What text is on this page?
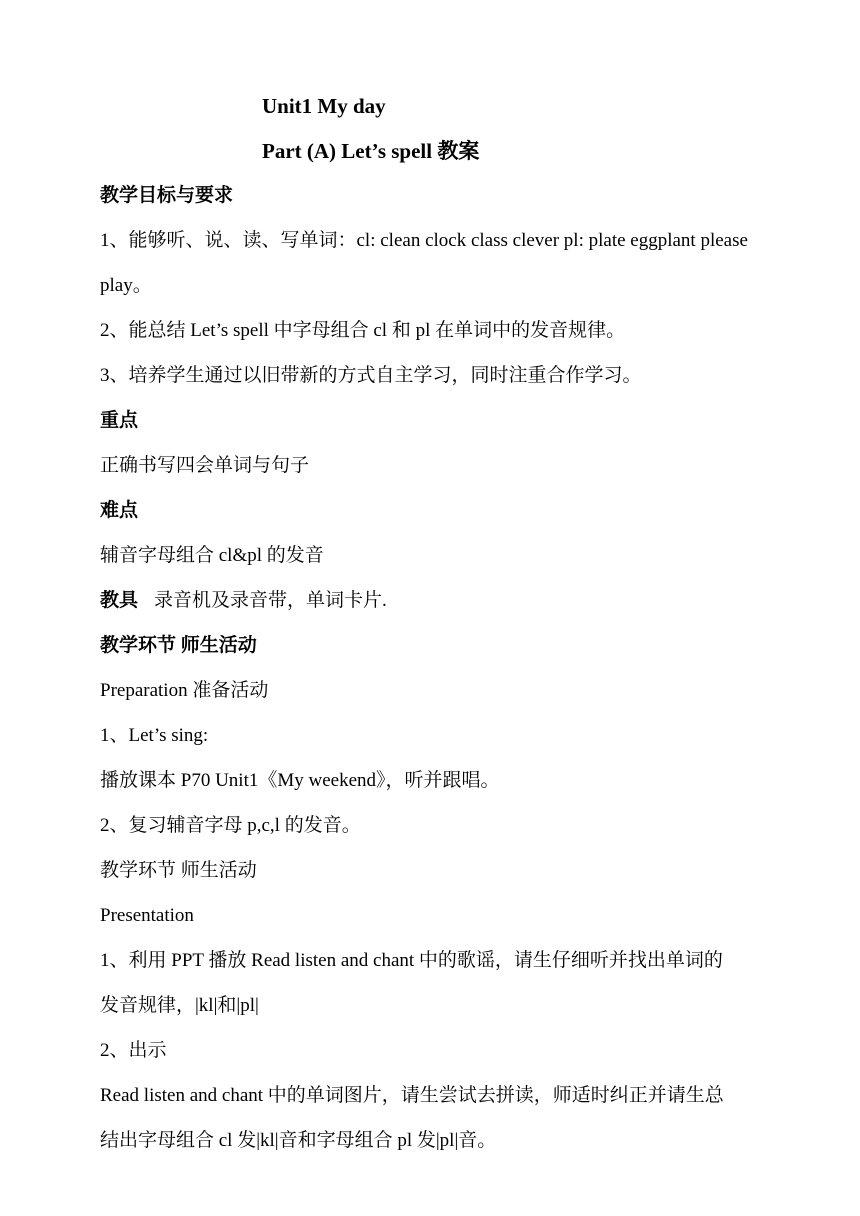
Unit1 My day
Part (A) Let’s spell 教案
教学目标与要求
1、能够听、说、读、写单词：cl: clean clock class clever pl: plate eggplant please
play。
2、能总结 Let’s spell 中字母组合 cl 和 pl 在单词中的发音规律。
3、培养学生通过以旧带新的方式自主学习，同时注重合作学习。
重点
正确书写四会单词与句子
难点
辅音字母组合 cl&pl 的发音
教具 录音机及录音带，单词卡片.
教学环节 师生活动
Preparation 准备活动
1、Let’s sing:
播放课本 P70 Unit1《My weekend》，听并跟唱。
2、复习辅音字母 p,c,l 的发音。
教学环节 师生活动
Presentation
1、利用 PPT 播放 Read listen and chant 中的歌谣，请生仔细听并找出单词的
发音规律，|kl|和|pl|
2、出示
Read listen and chant 中的单词图片，请生尝试去拼读，师适时纠正并请生总
结出字母组合 cl 发|kl|音和字母组合 pl 发|pl|音。
